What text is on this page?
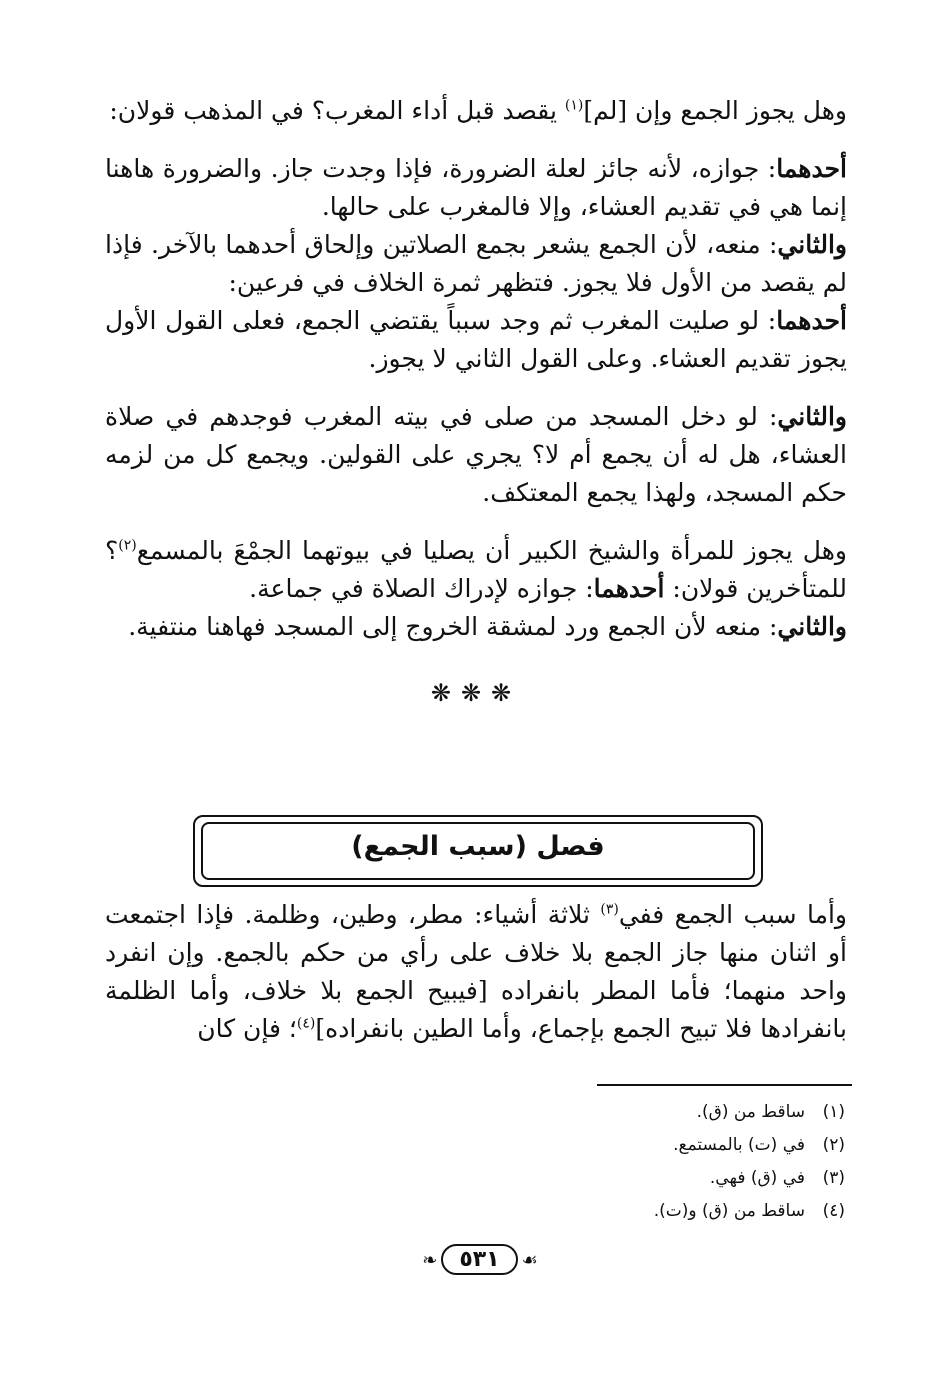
وهل يجوز الجمع وإن [لم]$^{(١)}$ يقصد قبل أداء المغرب؟ في المذهب قولان:

أحدهما: جوازه، لأنه جائز لعلة الضرورة، فإذا وجدت جاز. والضرورة هاهنا إنما هي في تقديم العشاء، وإلا فالمغرب على حالها.

والثاني: منعه، لأن الجمع يشعر بجمع الصلاتين وإلحاق أحدهما بالآخر. فإذا لم يقصد من الأول فلا يجوز. فتظهر ثمرة الخلاف في فرعين:

أحدهما: لو صليت المغرب ثم وجد سبباً يقتضي الجمع، فعلى القول الأول يجوز تقديم العشاء. وعلى القول الثاني لا يجوز.

والثاني: لو دخل المسجد من صلى في بيته المغرب فوجدهم في صلاة العشاء، هل له أن يجمع أم لا؟ يجري على القولين. ويجمع كل من لزمه حكم المسجد، ولهذا يجمع المعتكف.

وهل يجوز للمرأة والشيخ الكبير أن يصليا في بيوتهما الجمْعَ بالمسمع$^{(٢)}$؟ للمتأخرين قولان: أحدهما: جوازه لإدراك الصلاة في جماعة.

والثاني: منعه لأن الجمع ورد لمشقة الخروج إلى المسجد فهاهنا منتفية.

❋❋❋
فصل (سبب الجمع)
وأما سبب الجمع ففي$^{(٣)}$ ثلاثة أشياء: مطر، وطين، وظلمة. فإذا اجتمعت أو اثنان منها جاز الجمع بلا خلاف على رأي من حكم بالجمع. وإن انفرد واحد منهما؛ فأما المطر بانفراده [فيبيح الجمع بلا خلاف، وأما الظلمة بانفرادها فلا تبيح الجمع بإجماع، وأما الطين بانفراده]$^{(٤)}$؛ فإن كان
(١)ساقط من (ق).
(٢)في (ت) بالمستمع.
(٣)في (ق) فهي.
(٤)ساقط من (ق) و(ت).
❧ ٥٣١ ☙
